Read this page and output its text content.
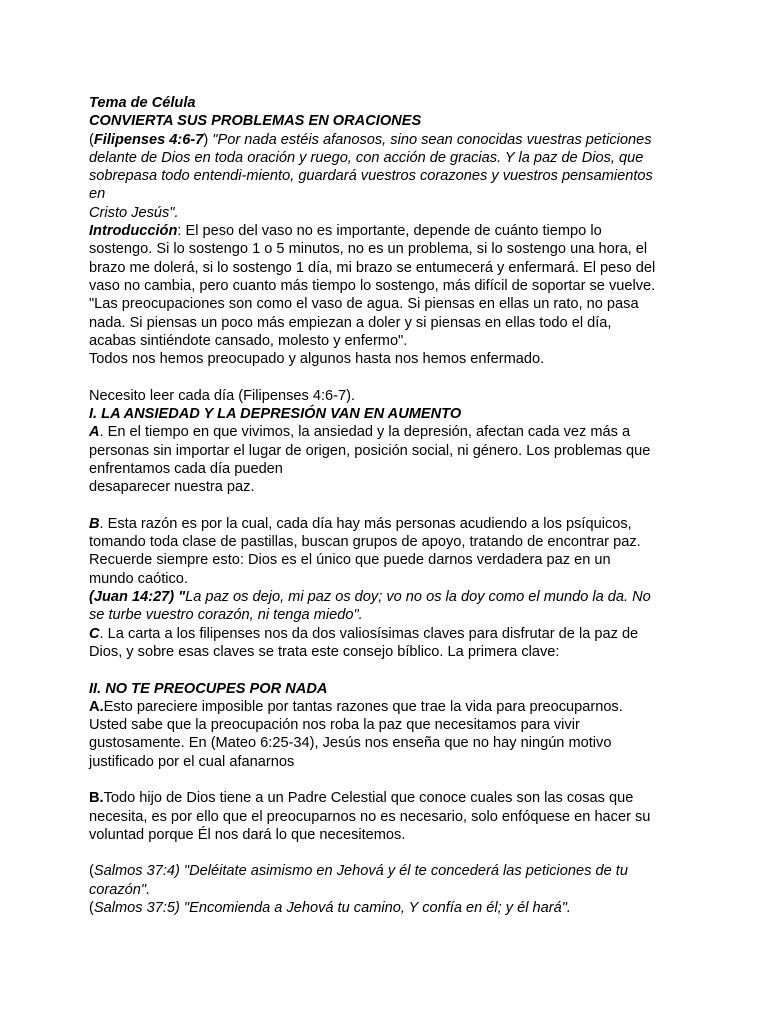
Tema de Célula
CONVIERTA SUS PROBLEMAS EN ORACIONES
(Filipenses 4:6-7) "Por nada estéis afanosos, sino sean conocidas vuestras peticiones
delante de Dios en toda oración y ruego, con acción de gracias. Y la paz de Dios, que
sobrepasa todo entendi-miento, guardará vuestros corazones y vuestros pensamientos
en
Cristo Jesús".
Introducción: El peso del vaso no es importante, depende de cuánto tiempo lo
sostengo. Si lo sostengo 1 o 5 minutos, no es un problema, si lo sostengo una hora, el
brazo me dolerá, si lo sostengo 1 día, mi brazo se entumecerá y enfermará. El peso del
vaso no cambia, pero cuanto más tiempo lo sostengo, más difícil de soportar se vuelve.
"Las preocupaciones son como el vaso de agua. Si piensas en ellas un rato, no pasa
nada. Si piensas un poco más empiezan a doler y si piensas en ellas todo el día,
acabas sintiéndote cansado, molesto y enfermo".
Todos nos hemos preocupado y algunos hasta nos hemos enfermado.
Necesito leer cada día (Filipenses 4:6-7).
I. LA ANSIEDAD Y LA DEPRESIÓN VAN EN AUMENTO
A. En el tiempo en que vivimos, la ansiedad y la depresión, afectan cada vez más a
personas sin importar el lugar de origen, posición social, ni género. Los problemas que
enfrentamos cada día pueden
desaparecer nuestra paz.
B. Esta razón es por la cual, cada día hay más personas acudiendo a los psíquicos,
tomando toda clase de pastillas, buscan grupos de apoyo, tratando de encontrar paz.
Recuerde siempre esto: Dios es el único que puede darnos verdadera paz en un
mundo caótico.
(Juan 14:27) "La paz os dejo, mi paz os doy; vo no os la doy como el mundo la da. No
se turbe vuestro corazón, ni tenga miedo".
C. La carta a los filipenses nos da dos valiosísimas claves para disfrutar de la paz de
Dios, y sobre esas claves se trata este consejo bíblico. La primera clave:
II. NO TE PREOCUPES POR NADA
A.Esto pareciere imposible por tantas razones que trae la vida para preocuparnos.
Usted sabe que la preocupación nos roba la paz que necesitamos para vivir
gustosamente. En (Mateo 6:25-34), Jesús nos enseña que no hay ningún motivo
justificado por el cual afanarnos
B.Todo hijo de Dios tiene a un Padre Celestial que conoce cuales son las cosas que
necesita, es por ello que el preocuparnos no es necesario, solo enfóquese en hacer su
voluntad porque Él nos dará lo que necesitemos.
(Salmos 37:4) "Deléitate asimismo en Jehová y él te concederá las peticiones de tu
corazón".
(Salmos 37:5) "Encomienda a Jehová tu camino, Y confía en él; y él hará".
